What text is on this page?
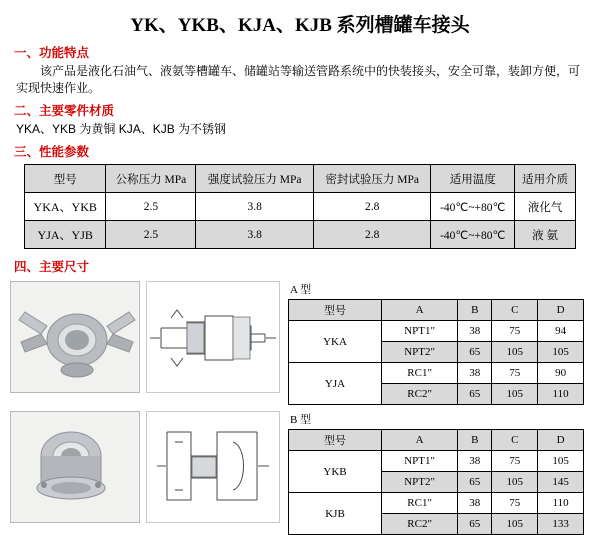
YK、YKB、KJA、KJB 系列槽罐车接头
一、功能特点
该产品是液化石油气、液氨等槽罐车、储罐站等输送管路系统中的快装接头，安全可靠，装卸方便，可实现快速作业。
二、主要零件材质
YKA、YKB 为黄铜 KJA、KJB 为不锈钢
三、性能参数
型号	公称压力 MPa	强度试验压力 MPa	密封试验压力 MPa	适用温度	适用介质
YKA、YKB	2.5	3.8	2.8	-40℃~+80℃	液化气
YJA、YJB	2.5	3.8	2.8	-40℃~+80℃	液 氨
四、主要尺寸
A 型
型号	A	B	C	D
YKA	NPT1"	38	75	94
	NPT2"	65	105	105
YJA	RC1"	38	75	90
	RC2"	65	105	110
B 型
型号	A	B	C	D
YKB	NPT1"	38	75	105
	NPT2"	65	105	145
KJB	RC1"	38	75	110
	RC2"	65	105	133
